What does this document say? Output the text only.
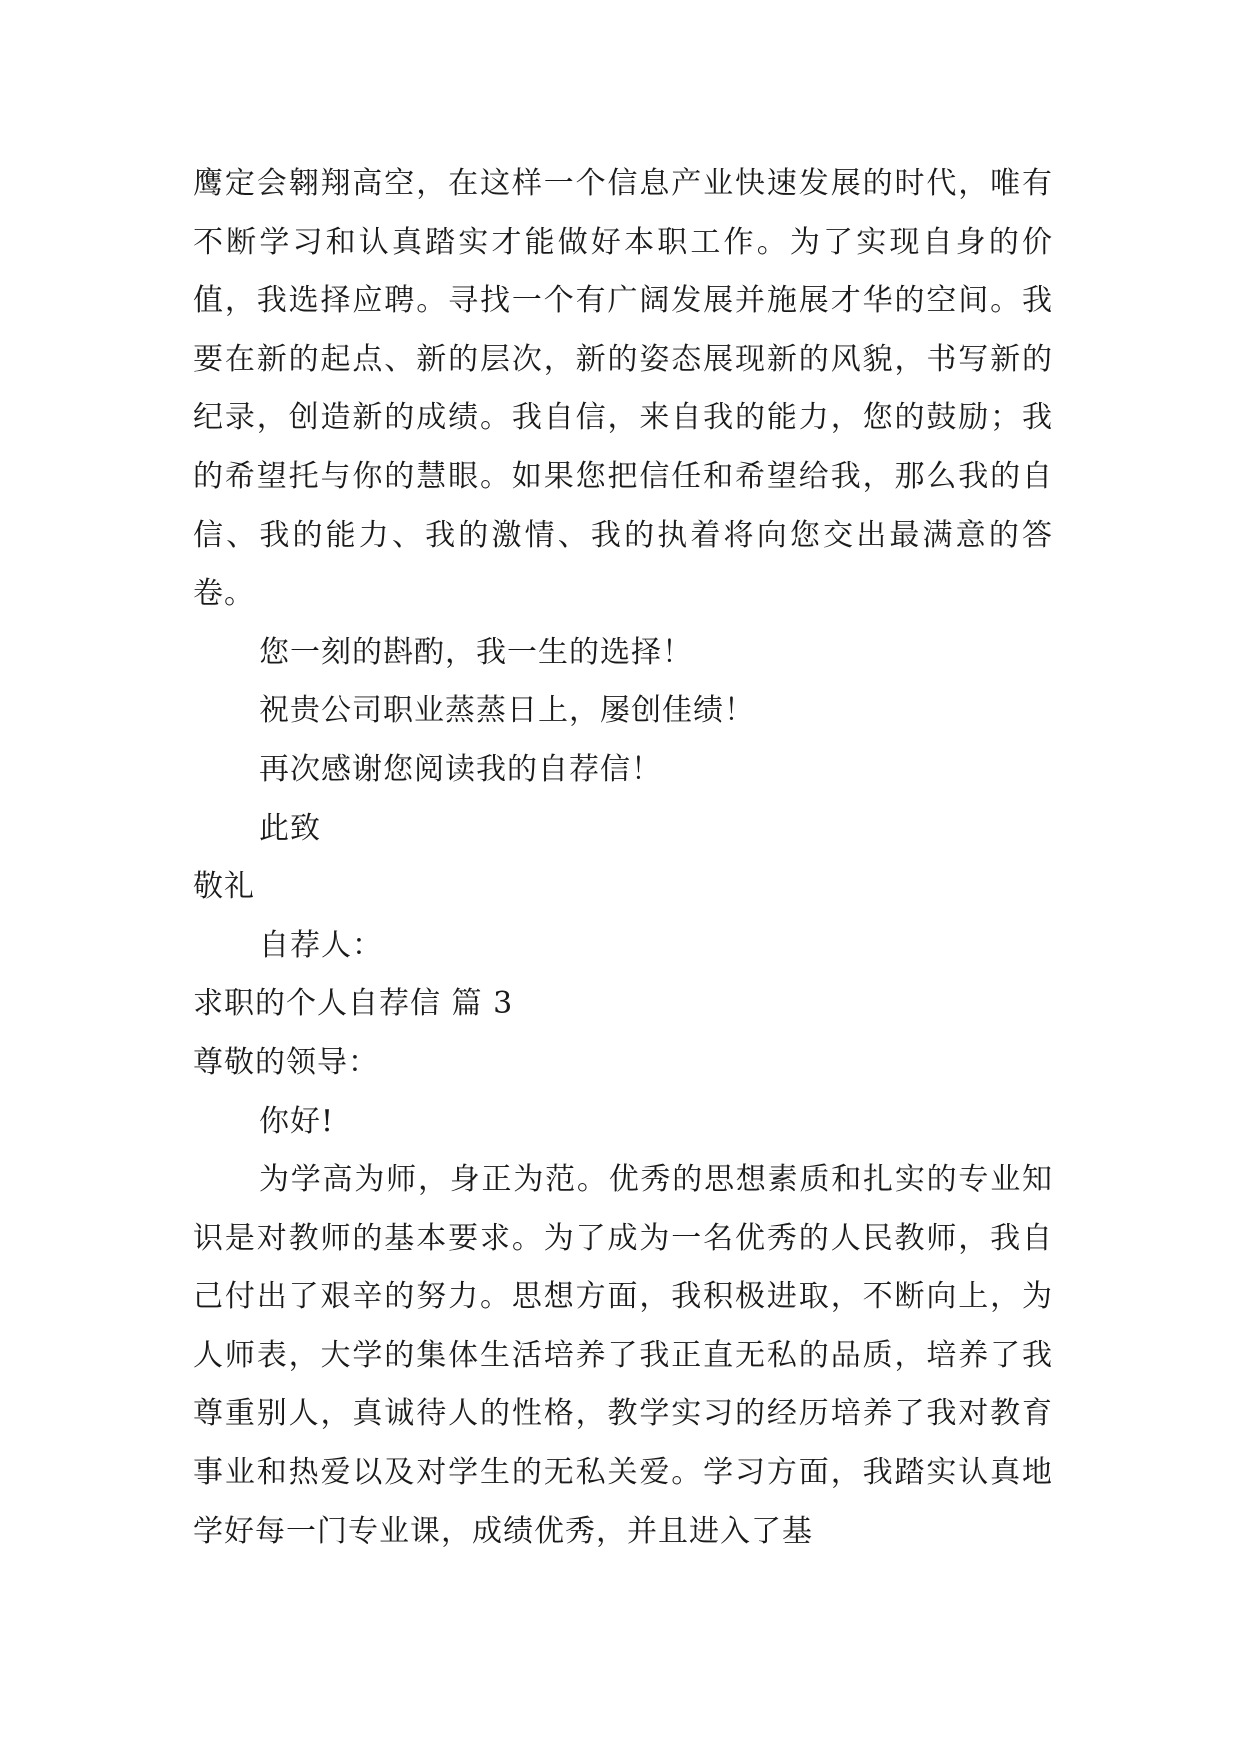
鹰定会翱翔高空，在这样一个信息产业快速发展的时代，唯有不断学习和认真踏实才能做好本职工作。为了实现自身的价值，我选择应聘。寻找一个有广阔发展并施展才华的空间。我要在新的起点、新的层次，新的姿态展现新的风貌，书写新的纪录，创造新的成绩。我自信，来自我的能力，您的鼓励；我的希望托与你的慧眼。如果您把信任和希望给我，那么我的自信、我的能力、我的激情、我的执着将向您交出最满意的答卷。

您一刻的斟酌，我一生的选择！

祝贵公司职业蒸蒸日上，屡创佳绩！

再次感谢您阅读我的自荐信！

此致

敬礼

自荐人：

求职的个人自荐信 篇 3

尊敬的领导：

你好!

为学高为师，身正为范。优秀的思想素质和扎实的专业知识是对教师的基本要求。为了成为一名优秀的人民教师，我自己付出了艰辛的努力。思想方面，我积极进取，不断向上，为人师表，大学的集体生活培养了我正直无私的品质，培养了我尊重别人，真诚待人的性格，教学实习的经历培养了我对教育事业和热爱以及对学生的无私关爱。学习方面，我踏实认真地学好每一门专业课，成绩优秀，并且进入了基
